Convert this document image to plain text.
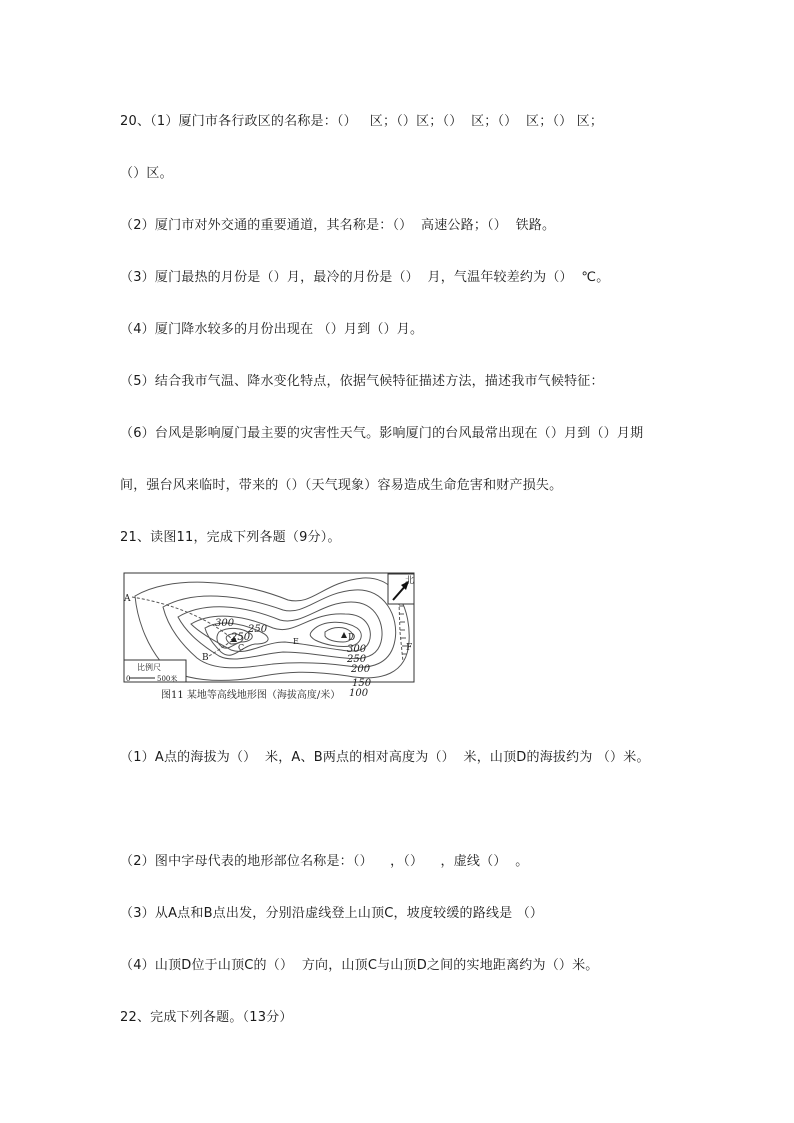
20、（1）厦门市各行政区的名称是：（）   区；（）区；（）  区；（）  区；（） 区；
（）区。
（2）厦门市对外交通的重要通道，其名称是：（）  高速公路；（）  铁路。
（3）厦门最热的月份是（）月，最冷的月份是（）  月，气温年较差约为（）  ℃。
（4）厦门降水较多的月份出现在 （）月到（）月。
（5）结合我市气温、降水变化特点，依据气候特征描述方法，描述我市气候特征：
（6）台风是影响厦门最主要的灾害性天气。影响厦门的台风最常出现在（）月到（）月期
间，强台风来临时，带来的（）（天气现象）容易造成生命危害和财产损失。
21、读图11，完成下列各题（9分）。
北
比例尺
0	500米
A
B
C
D
E
F
300
250
250
300
250
200
150
100
图11 某地等高线地形图（海拔高度/米）
（1）A点的海拔为（）  米，A、B两点的相对高度为（）  米，山顶D的海拔约为 （）米。
（2）图中字母代表的地形部位名称是：（）    ，（）    ，虚线（）  。
（3）从A点和B点出发，分别沿虚线登上山顶C，坡度较缓的路线是 （）
（4）山顶D位于山顶C的（）  方向，山顶C与山顶D之间的实地距离约为（）米。
22、完成下列各题。（13分）
